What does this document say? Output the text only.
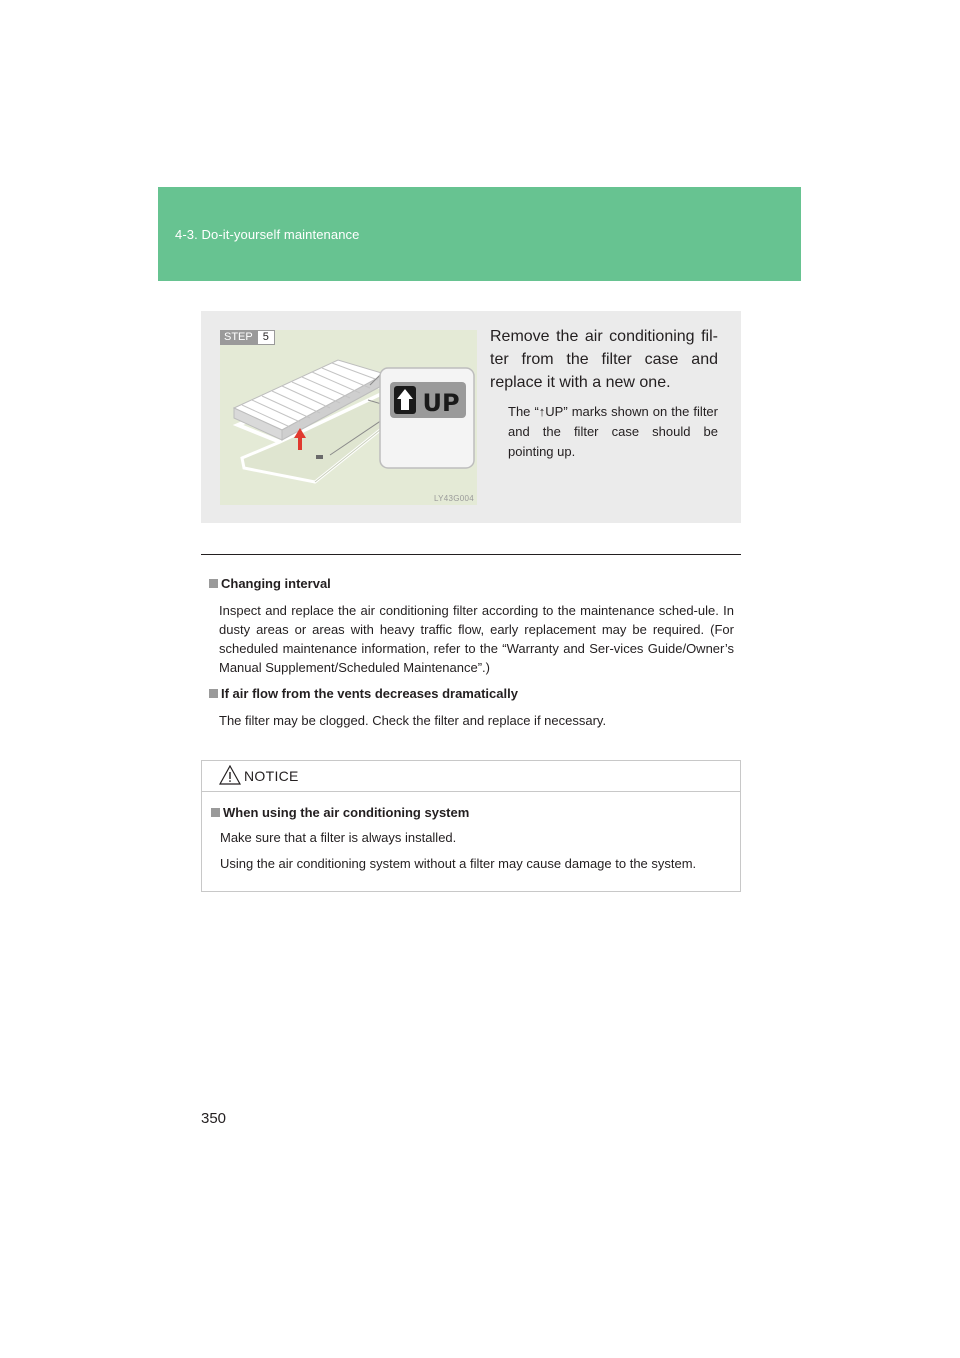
4-3. Do-it-yourself maintenance
UP
STEP 5
LY43G004
Remove the air conditioning fil-ter from the filter case and replace it with a new one.
The “↑UP” marks shown on the filter and the filter case should be pointing up.
Changing interval
Inspect and replace the air conditioning filter according to the maintenance sched-ule. In dusty areas or areas with heavy traffic flow, early replacement may be required. (For scheduled maintenance information, refer to the “Warranty and Ser-vices Guide/Owner’s Manual Supplement/Scheduled Maintenance”.)
If air flow from the vents decreases dramatically
The filter may be clogged. Check the filter and replace if necessary.
NOTICE
When using the air conditioning system
Make sure that a filter is always installed.
Using the air conditioning system without a filter may cause damage to the system.
350
